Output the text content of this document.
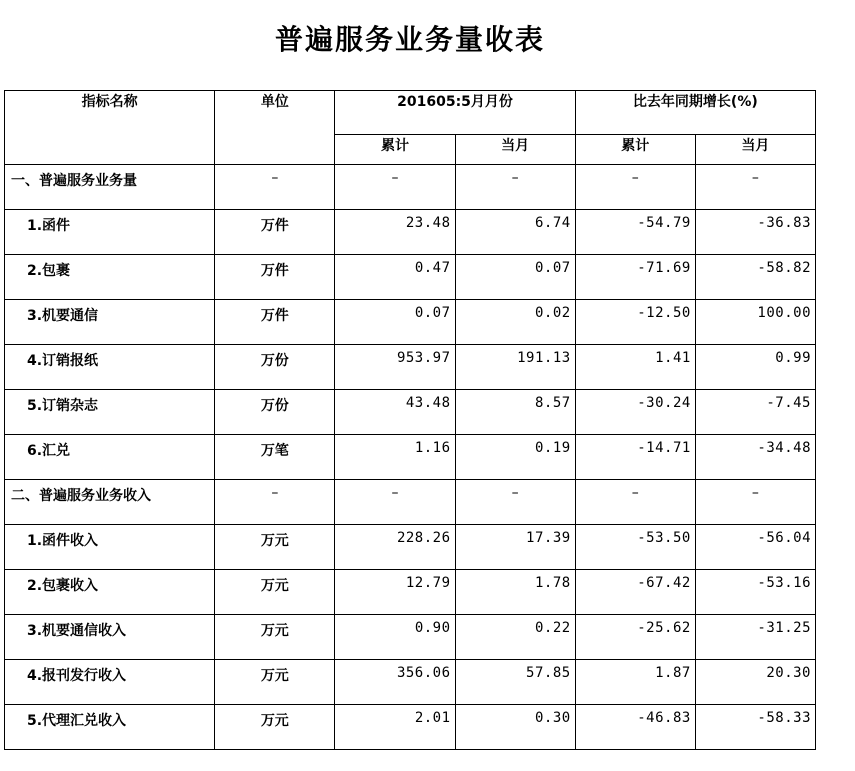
普遍服务业务量收表
指标名称	单位	201605:5月月份		比去年同期增长(%)	
		累计	当月	累计	当月
一、普遍服务业务量	–	–	–	–	–
1.函件	万件	23.48	6.74	-54.79	-36.83
2.包裹	万件	0.47	0.07	-71.69	-58.82
3.机要通信	万件	0.07	0.02	-12.50	100.00
4.订销报纸	万份	953.97	191.13	1.41	0.99
5.订销杂志	万份	43.48	8.57	-30.24	-7.45
6.汇兑	万笔	1.16	0.19	-14.71	-34.48
二、普遍服务业务收入	–	–	–	–	–
1.函件收入	万元	228.26	17.39	-53.50	-56.04
2.包裹收入	万元	12.79	1.78	-67.42	-53.16
3.机要通信收入	万元	0.90	0.22	-25.62	-31.25
4.报刊发行收入	万元	356.06	57.85	1.87	20.30
5.代理汇兑收入	万元	2.01	0.30	-46.83	-58.33
